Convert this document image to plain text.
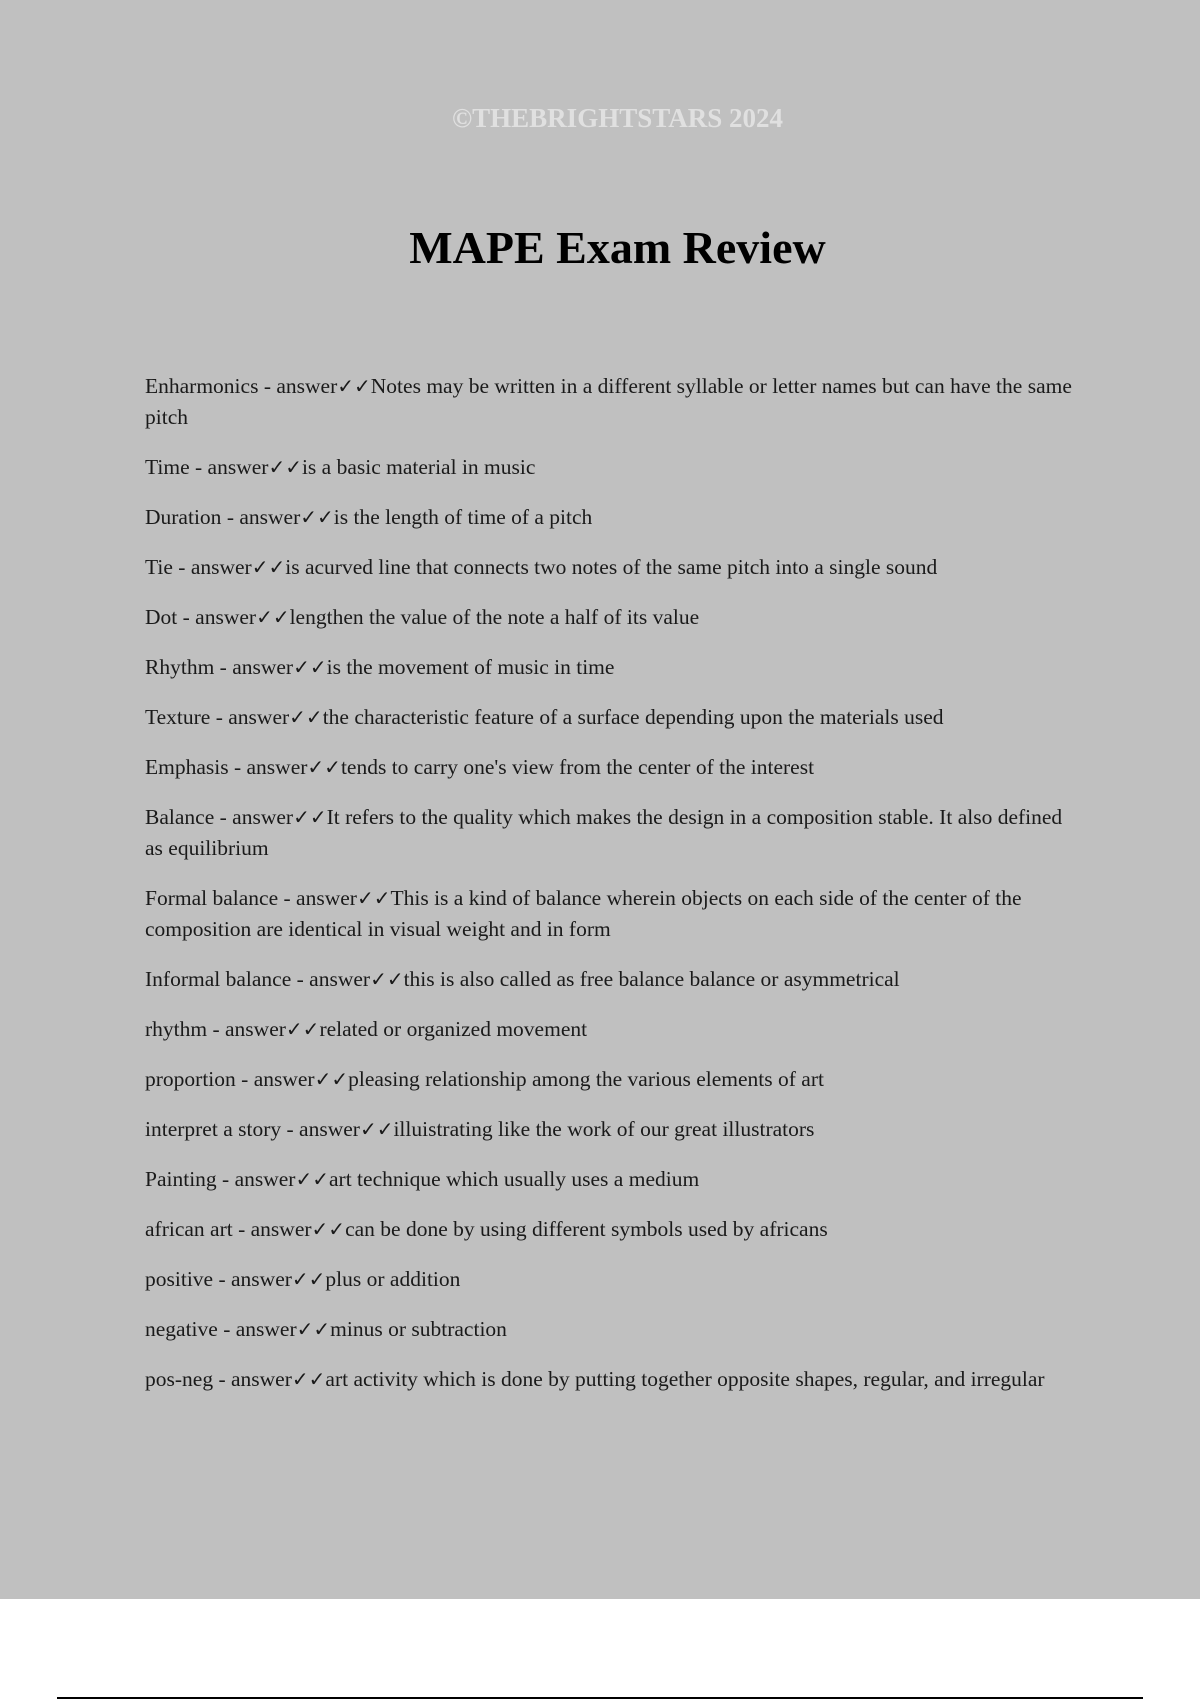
©THEBRIGHTSTARS 2024
MAPE Exam Review
Enharmonics - answer✓✓Notes may be written in a different syllable or letter names but can have the same pitch
Time - answer✓✓is a basic material in music
Duration - answer✓✓is the length of time of a pitch
Tie - answer✓✓is acurved line that connects two notes of the same pitch into a single sound
Dot - answer✓✓lengthen the value of the note a half of its value
Rhythm - answer✓✓is the movement of music in time
Texture - answer✓✓the characteristic feature of a surface depending upon the materials used
Emphasis - answer✓✓tends to carry one's view from the center of the interest
Balance - answer✓✓It refers to the quality which makes the design in a composition stable. It also defined as equilibrium
Formal balance - answer✓✓This is a kind of balance wherein objects on each side of the center of the composition are identical in visual weight and in form
Informal balance - answer✓✓this is also called as free balance balance or asymmetrical
rhythm - answer✓✓related or organized movement
proportion - answer✓✓pleasing relationship among the various elements of art
interpret a story - answer✓✓illuistrating like the work of our great illustrators
Painting - answer✓✓art technique which usually uses a medium
african art - answer✓✓can be done by using different symbols used by africans
positive - answer✓✓plus or addition
negative - answer✓✓minus or subtraction
pos-neg - answer✓✓art activity which is done by putting together opposite shapes, regular, and irregular
